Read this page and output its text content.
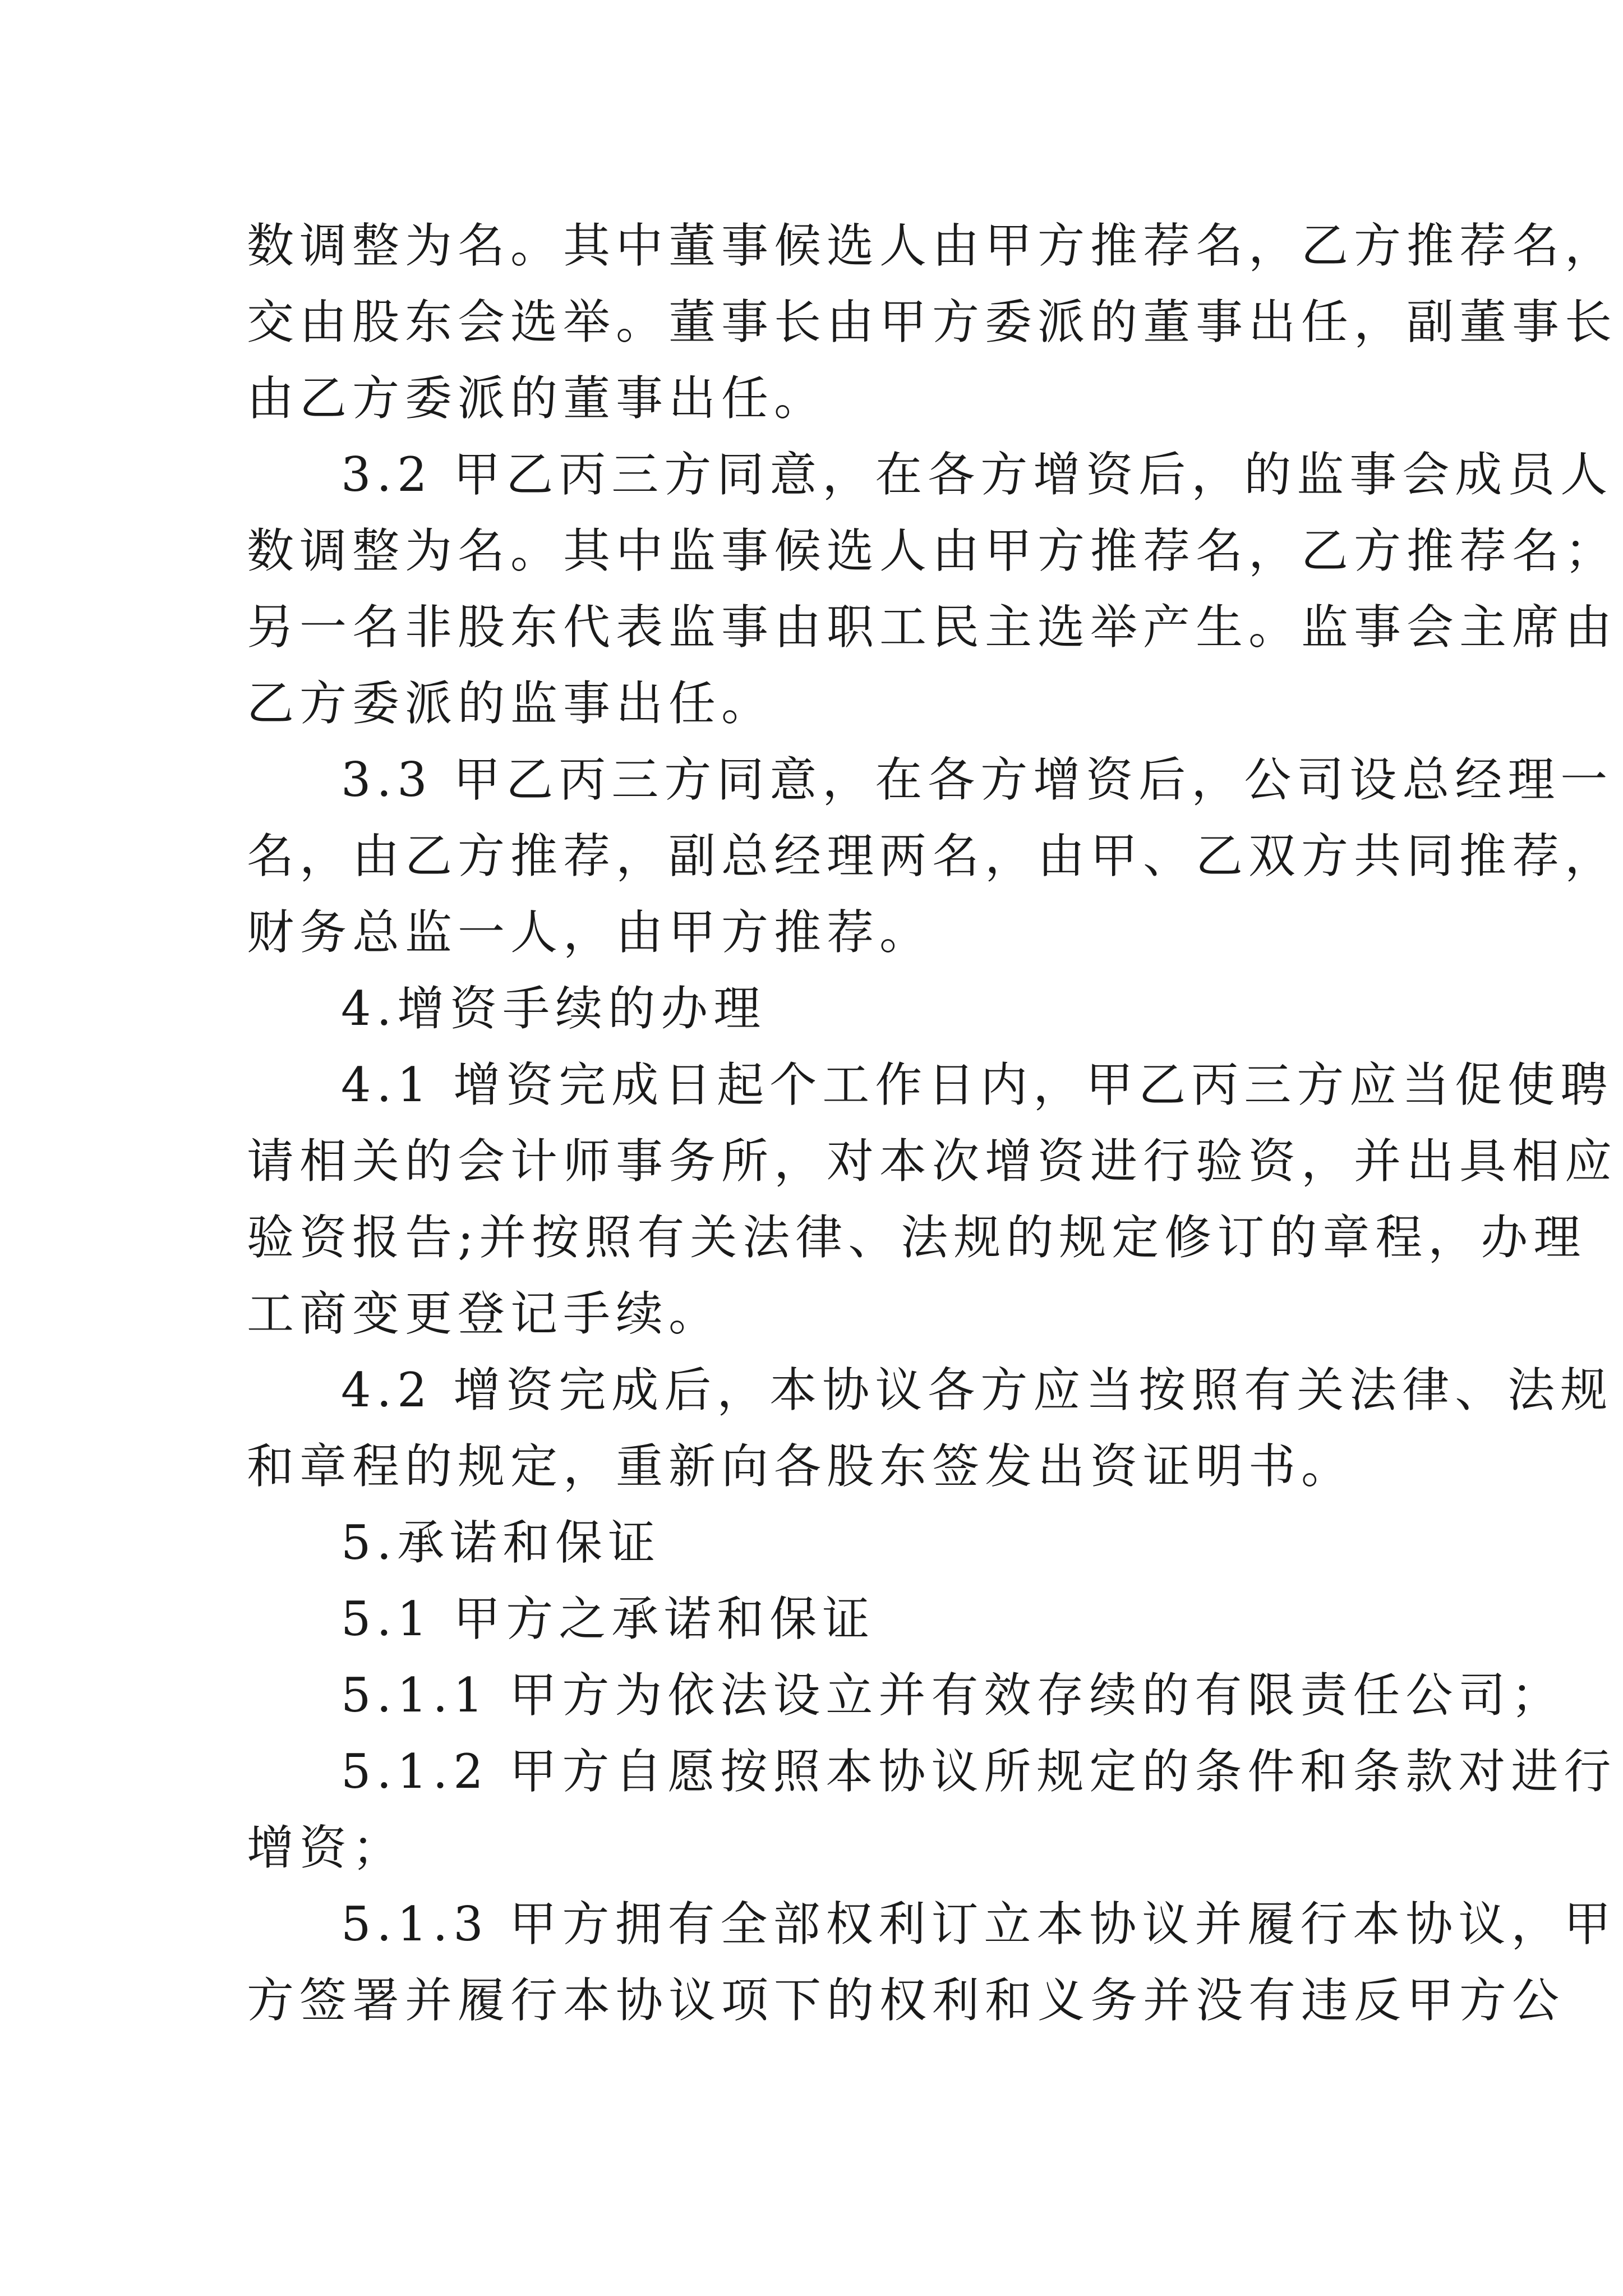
数调整为名。其中董事候选人由甲方推荐名，乙方推荐名，
交由股东会选举。董事长由甲方委派的董事出任，副董事长
由乙方委派的董事出任。
3.2 甲乙丙三方同意，在各方增资后，的监事会成员人
数调整为名。其中监事候选人由甲方推荐名，乙方推荐名；
另一名非股东代表监事由职工民主选举产生。监事会主席由
乙方委派的监事出任。
3.3 甲乙丙三方同意，在各方增资后，公司设总经理一
名，由乙方推荐，副总经理两名，由甲、乙双方共同推荐，
财务总监一人，由甲方推荐。
4.增资手续的办理
4.1 增资完成日起个工作日内，甲乙丙三方应当促使聘
请相关的会计师事务所，对本次增资进行验资，并出具相应
验资报告;并按照有关法律、法规的规定修订的章程，办理
工商变更登记手续。
4.2 增资完成后，本协议各方应当按照有关法律、法规
和章程的规定，重新向各股东签发出资证明书。
5.承诺和保证
5.1 甲方之承诺和保证
5.1.1 甲方为依法设立并有效存续的有限责任公司；
5.1.2 甲方自愿按照本协议所规定的条件和条款对进行
增资；
5.1.3 甲方拥有全部权利订立本协议并履行本协议，甲
方签署并履行本协议项下的权利和义务并没有违反甲方公
